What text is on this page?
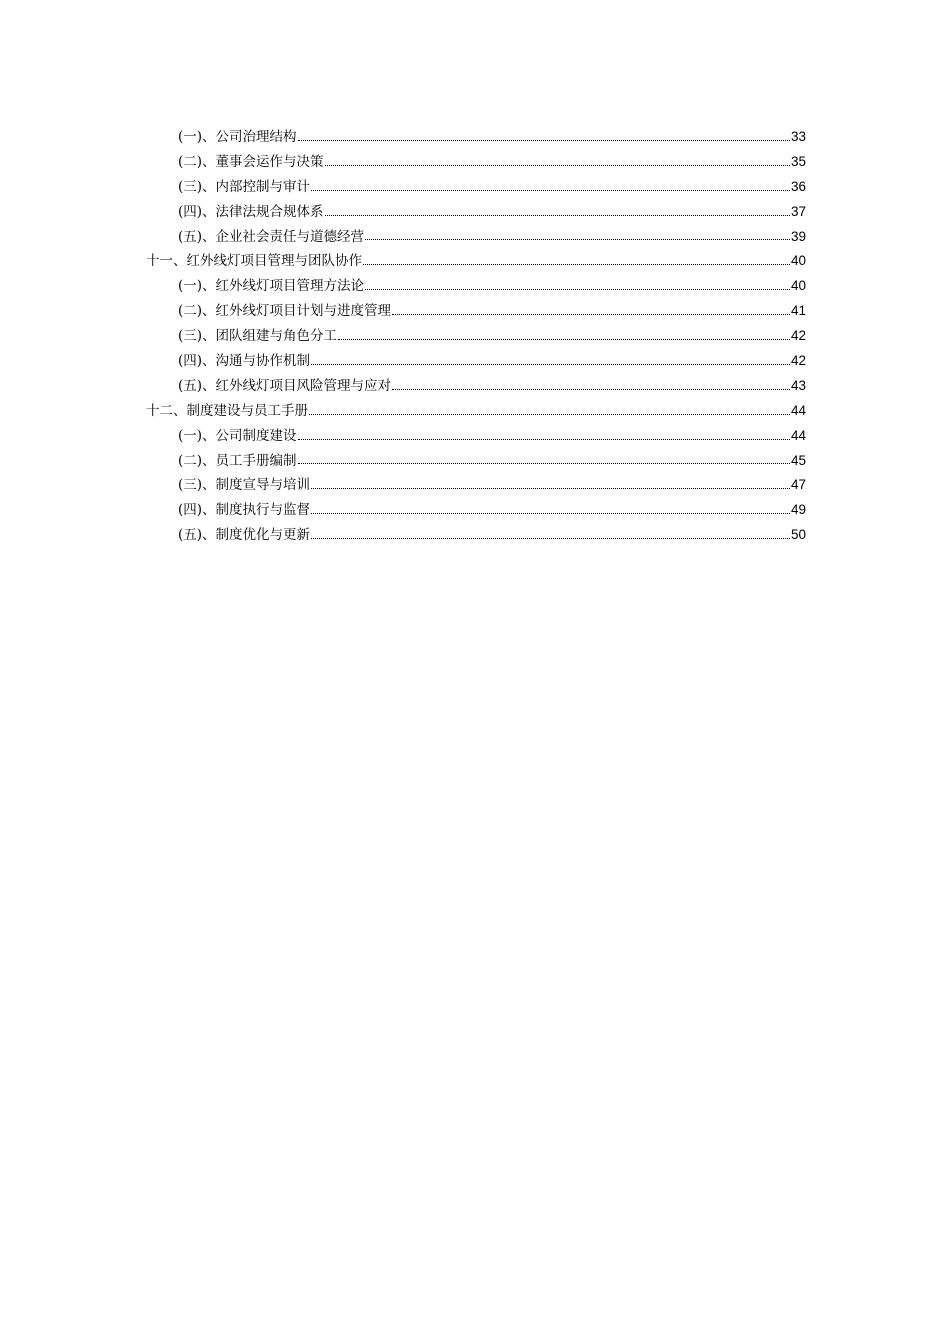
(一)、公司治理结构	33
(二)、董事会运作与决策	35
(三)、内部控制与审计	36
(四)、法律法规合规体系	37
(五)、企业社会责任与道德经营	39
十一、红外线灯项目管理与团队协作	40
(一)、红外线灯项目管理方法论	40
(二)、红外线灯项目计划与进度管理	41
(三)、团队组建与角色分工	42
(四)、沟通与协作机制	42
(五)、红外线灯项目风险管理与应对	43
十二、制度建设与员工手册	44
(一)、公司制度建设	44
(二)、员工手册编制	45
(三)、制度宣导与培训	47
(四)、制度执行与监督	49
(五)、制度优化与更新	50
